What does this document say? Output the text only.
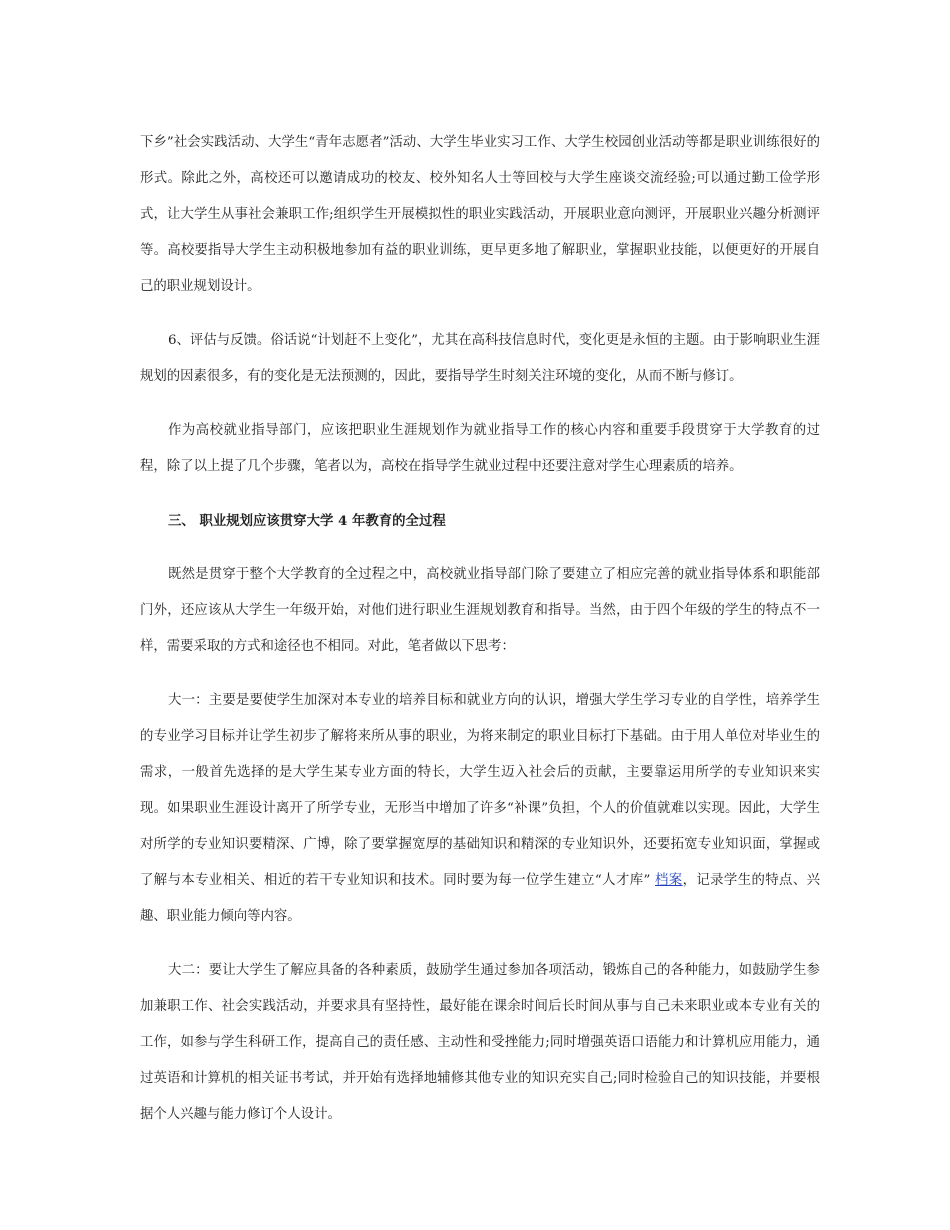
下乡”社会实践活动、大学生“青年志愿者”活动、大学生毕业实习工作、大学生校园创业活动等都是职业训练很好的形式。除此之外，高校还可以邀请成功的校友、校外知名人士等回校与大学生座谈交流经验;可以通过勤工俭学形式，让大学生从事社会兼职工作;组织学生开展模拟性的职业实践活动，开展职业意向测评，开展职业兴趣分析测评等。高校要指导大学生主动积极地参加有益的职业训练，更早更多地了解职业，掌握职业技能，以便更好的开展自己的职业规划设计。

6、评估与反馈。俗话说“计划赶不上变化”，尤其在高科技信息时代，变化更是永恒的主题。由于影响职业生涯规划的因素很多，有的变化是无法预测的，因此，要指导学生时刻关注环境的变化，从而不断与修订。

作为高校就业指导部门，应该把职业生涯规划作为就业指导工作的核心内容和重要手段贯穿于大学教育的过程，除了以上提了几个步骤，笔者以为，高校在指导学生就业过程中还要注意对学生心理素质的培养。

三、 职业规划应该贯穿大学 4 年教育的全过程

既然是贯穿于整个大学教育的全过程之中，高校就业指导部门除了要建立了相应完善的就业指导体系和职能部门外，还应该从大学生一年级开始，对他们进行职业生涯规划教育和指导。当然，由于四个年级的学生的特点不一样，需要采取的方式和途径也不相同。对此，笔者做以下思考：

大一：主要是要使学生加深对本专业的培养目标和就业方向的认识，增强大学生学习专业的自学性，培养学生的专业学习目标并让学生初步了解将来所从事的职业，为将来制定的职业目标打下基础。由于用人单位对毕业生的需求，一般首先选择的是大学生某专业方面的特长，大学生迈入社会后的贡献，主要靠运用所学的专业知识来实现。如果职业生涯设计离开了所学专业，无形当中增加了许多“补课”负担，个人的价值就难以实现。因此，大学生对所学的专业知识要精深、广博，除了要掌握宽厚的基础知识和精深的专业知识外，还要拓宽专业知识面，掌握或了解与本专业相关、相近的若干专业知识和技术。同时要为每一位学生建立“人才库” 档案，记录学生的特点、兴趣、职业能力倾向等内容。

大二：要让大学生了解应具备的各种素质，鼓励学生通过参加各项活动，锻炼自己的各种能力，如鼓励学生参加兼职工作、社会实践活动，并要求具有坚持性，最好能在课余时间后长时间从事与自己未来职业或本专业有关的工作，如参与学生科研工作，提高自己的责任感、主动性和受挫能力;同时增强英语口语能力和计算机应用能力，通过英语和计算机的相关证书考试，并开始有选择地辅修其他专业的知识充实自己;同时检验自己的知识技能，并要根据个人兴趣与能力修订个人设计。
